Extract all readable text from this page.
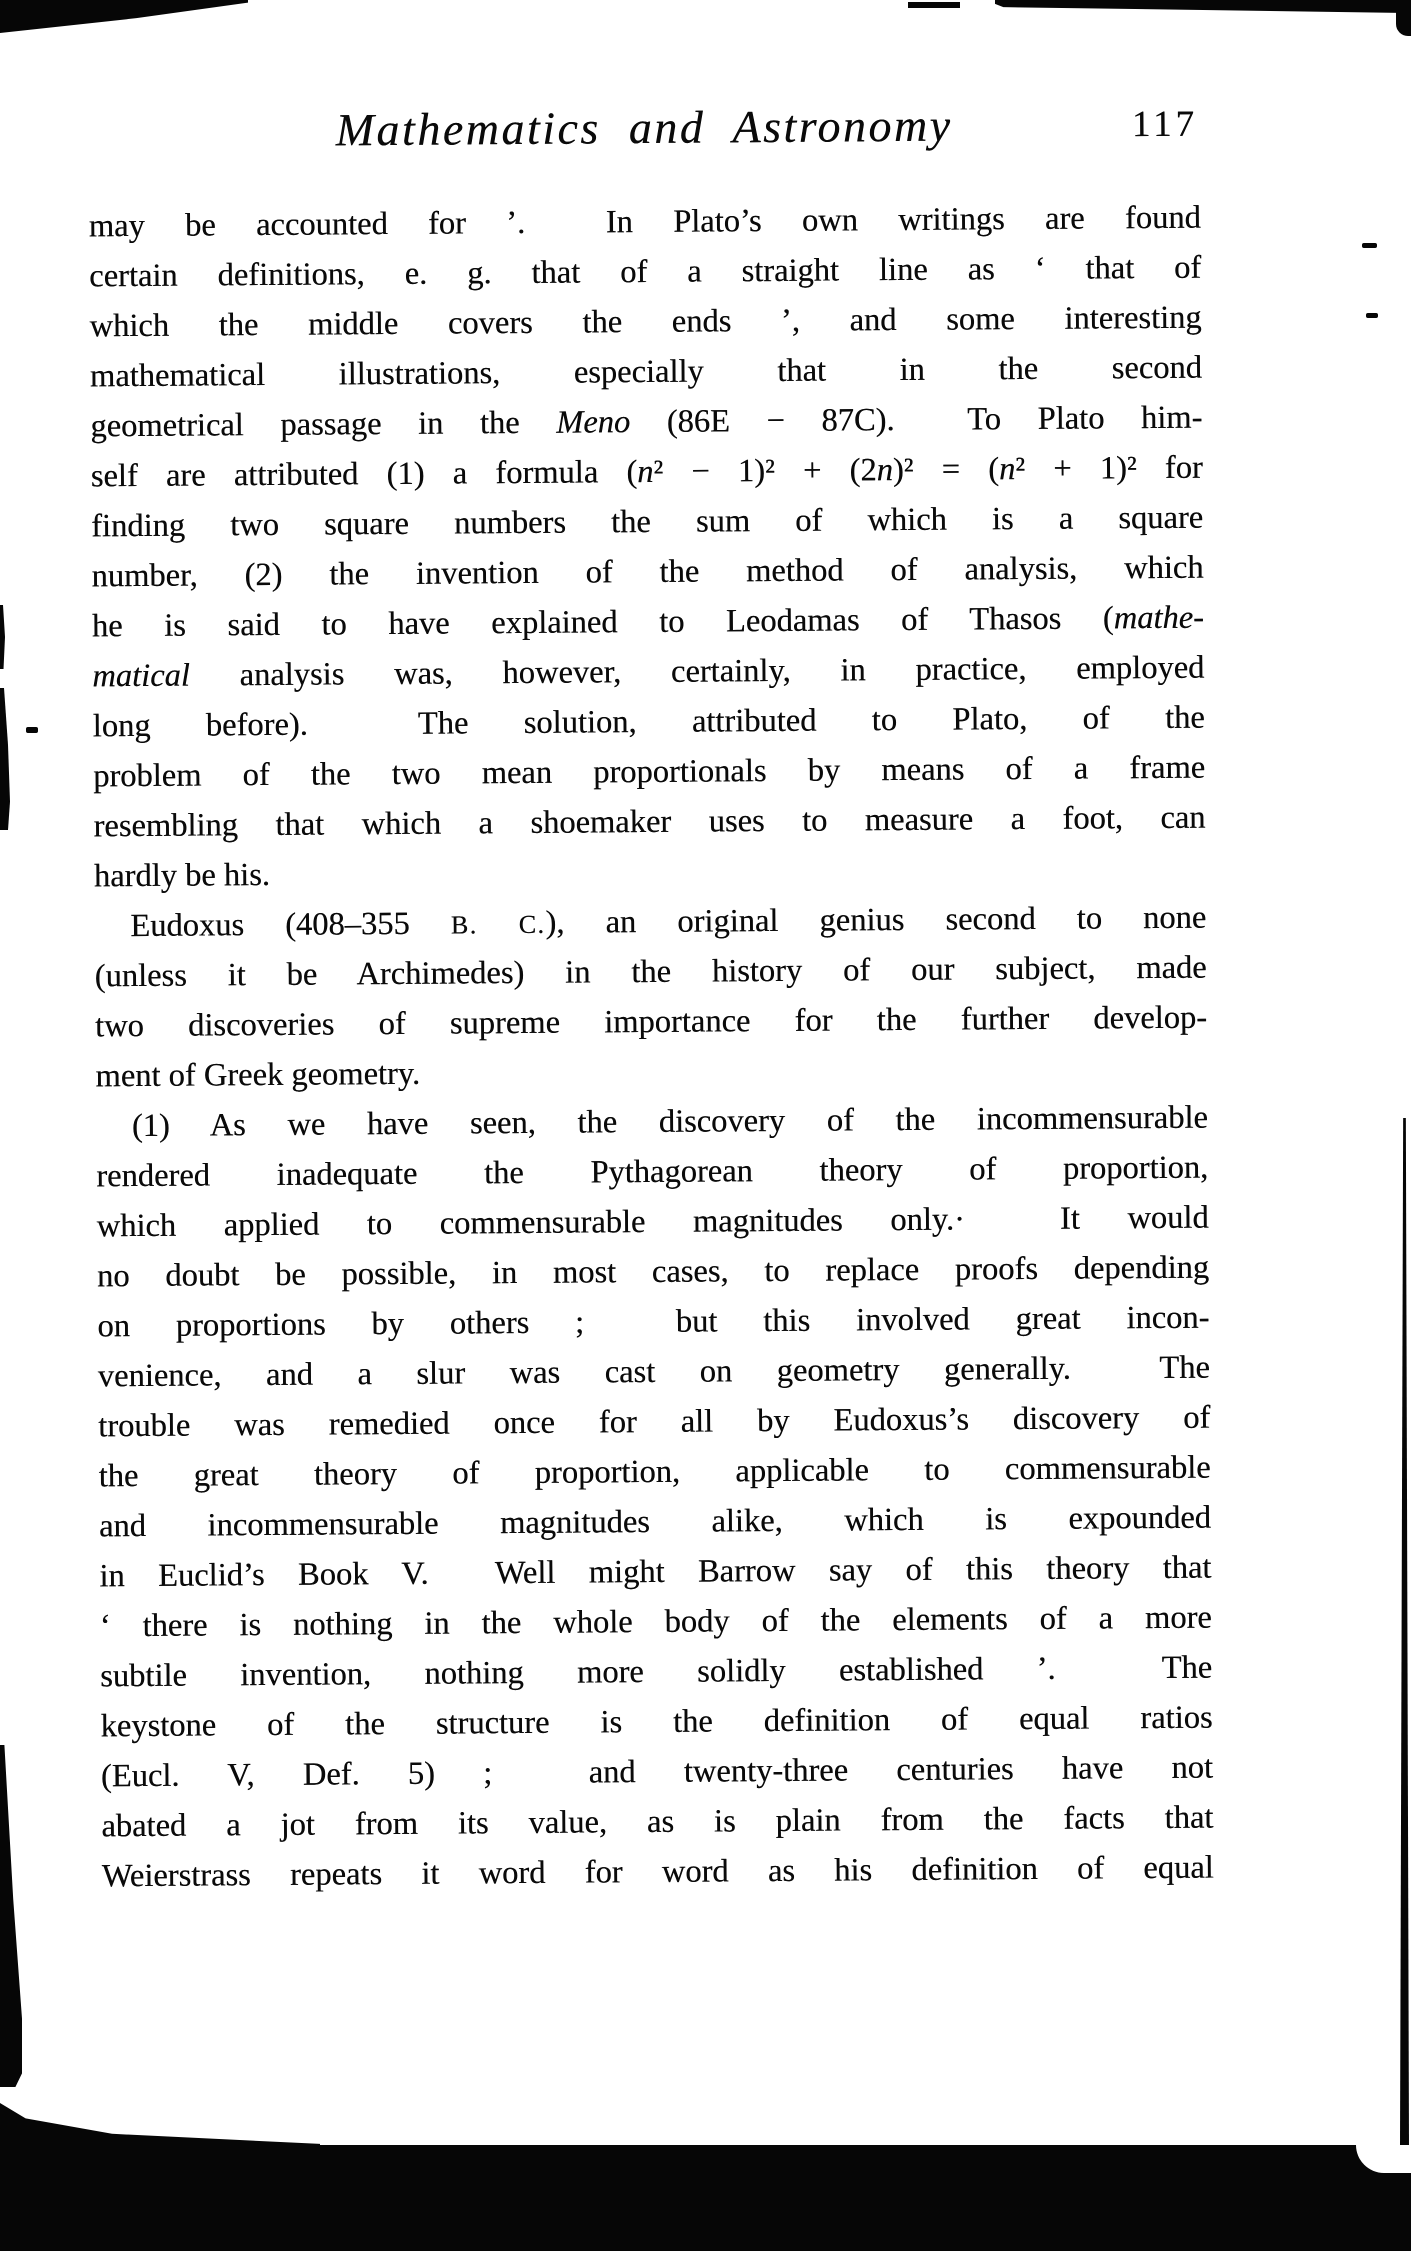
Mathematics and Astronomy	117
may be accounted for ’.  In Plato’s own writings are found
certain definitions, e. g. that of a straight line as ‘ that of
which the middle covers the ends ’, and some interesting
mathematical illustrations, especially that in the second
geometrical passage in the Meno (86E − 87C).  To Plato him-
self are attributed (1) a formula (n² − 1)² + (2n)² = (n² + 1)² for
finding two square numbers the sum of which is a square
number, (2) the invention of the method of analysis, which
he is said to have explained to Leodamas of Thasos (mathe-
matical analysis was, however, certainly, in practice, employed
long before).  The solution, attributed to Plato, of the
problem of the two mean proportionals by means of a frame
resembling that which a shoemaker uses to measure a foot, can
hardly be his.
Eudoxus (408–355 B. C.), an original genius second to none
(unless it be Archimedes) in the history of our subject, made
two discoveries of supreme importance for the further develop-
ment of Greek geometry.
(1) As we have seen, the discovery of the incommensurable
rendered inadequate the Pythagorean theory of proportion,
which applied to commensurable magnitudes only.·  It would
no doubt be possible, in most cases, to replace proofs depending
on proportions by others ;  but this involved great incon-
venience, and a slur was cast on geometry generally.  The
trouble was remedied once for all by Eudoxus’s discovery of
the great theory of proportion, applicable to commensurable
and incommensurable magnitudes alike, which is expounded
in Euclid’s Book V.  Well might Barrow say of this theory that
‘ there is nothing in the whole body of the elements of a more
subtile invention, nothing more solidly established ’.  The
keystone of the structure is the definition of equal ratios
(Eucl. V, Def. 5) ;  and twenty-three centuries have not
abated a jot from its value, as is plain from the facts that
Weierstrass repeats it word for word as his definition of equal
